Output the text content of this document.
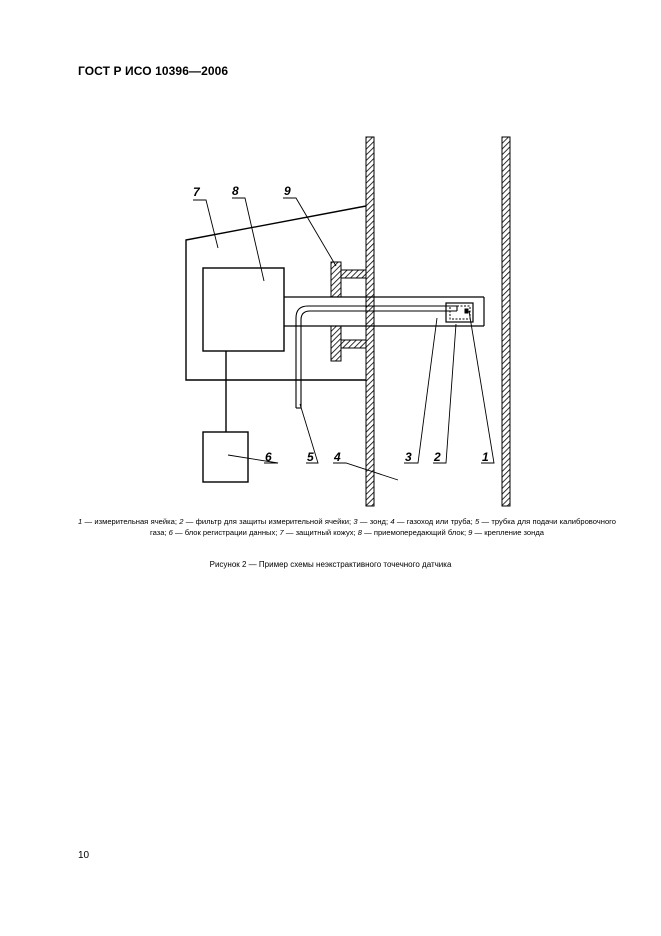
ГОСТ Р ИСО 10396—2006
7	8	9
6	5 4	3 2	1
1 — измерительная ячейка; 2 — фильтр для защиты измерительной ячейки; 3 — зонд; 4 — газоход или труба; 5 — трубка для подачи калибровочного газа; 6 — блок регистрации данных; 7 — защитный кожух; 8 — приемопередающий блок; 9 — крепление зонда
Рисунок 2 — Пример схемы неэкстрактивного точечного датчика
10
